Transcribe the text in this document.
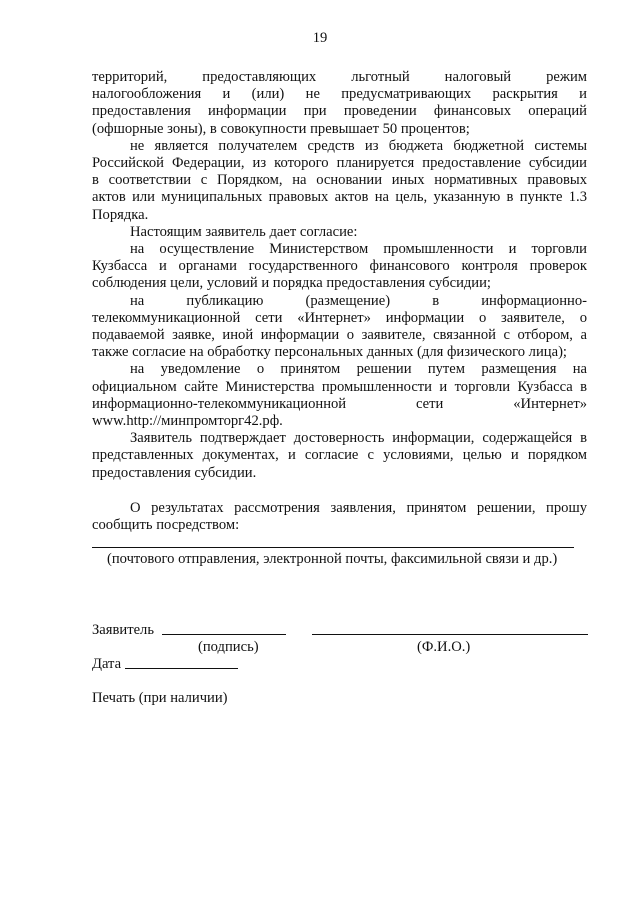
19

территорий, предоставляющих льготный налоговый режим

налогообложения и (или) не предусматривающих раскрытия и

предоставления информации при проведении финансовых операций

(офшорные зоны), в совокупности превышает 50 процентов;

не является получателем средств из бюджета бюджетной системы

Российской Федерации, из которого планируется предоставление субсидии

в соответствии с Порядком, на основании иных нормативных правовых

актов или муниципальных правовых актов на цель, указанную в пункте 1.3

Порядка.

Настоящим заявитель дает согласие:

на осуществление Министерством промышленности и торговли

Кузбасса и органами государственного финансового контроля проверок

соблюдения цели, условий и порядка предоставления субсидии;

на публикацию (размещение) в информационно-

телекоммуникационной сети «Интернет» информации о заявителе, о

подаваемой заявке, иной информации о заявителе, связанной с отбором, а

также согласие на обработку персональных данных (для физического лица);

на уведомление о принятом решении путем размещения на

официальном сайте Министерства промышленности и торговли Кузбасса в

информационно-телекоммуникационной сети «Интернет»

www.http://минпромторг42.рф.

Заявитель подтверждает достоверность информации, содержащейся в

представленных документах, и согласие с условиями, целью и порядком

предоставления субсидии.

О результатах рассмотрения заявления, принятом решении, прошу

сообщить посредством:

(почтового отправления, электронной почты, факсимильной связи и др.)
Заявитель
(подпись)	(Ф.И.О.)
Дата
Печать (при наличии)
